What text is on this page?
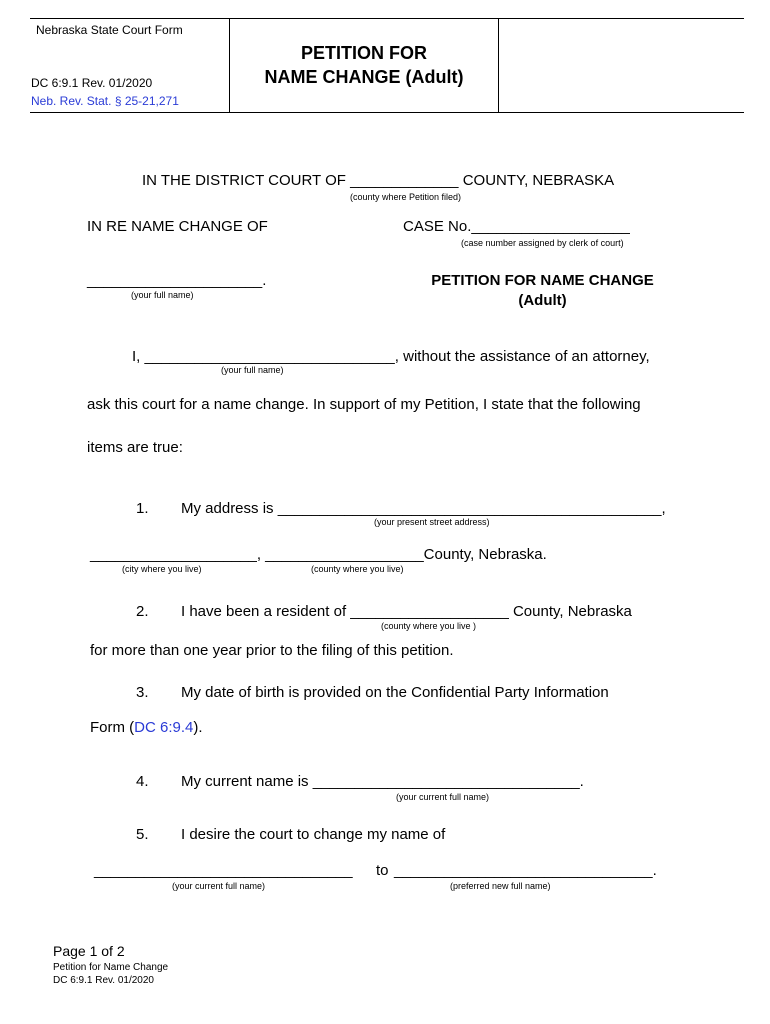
Nebraska State Court Form
DC 6:9.1 Rev. 01/2020
Neb. Rev. Stat. § 25-21,271
PETITION FOR
NAME CHANGE (Adult)
IN THE DISTRICT COURT OF _____________ COUNTY, NEBRASKA
(county where Petition filed)
IN RE NAME CHANGE OF	CASE No.___________________
(case number assigned by clerk of court)
_____________________.
(your full name)
PETITION FOR NAME CHANGE
(Adult)
I, ______________________________, without the assistance of an attorney,
(your full name)
ask this court for a name change. In support of my Petition, I state that the following
items are true:
1. My address is ______________________________________________,
(your present street address)
____________________, ___________________County, Nebraska.
(city where you live)	(county where you live)
2. I have been a resident of ___________________ County, Nebraska
(county where you live )
for more than one year prior to the filing of this petition.
3. My date of birth is provided on the Confidential Party Information
Form (DC 6:9.4).
4. My current name is ________________________________.
(your current full name)
5. I desire the court to change my name of
_______________________________ to _______________________________.
(your current full name)	(preferred new full name)
Page 1 of 2
Petition for Name Change
DC 6:9.1 Rev. 01/2020
